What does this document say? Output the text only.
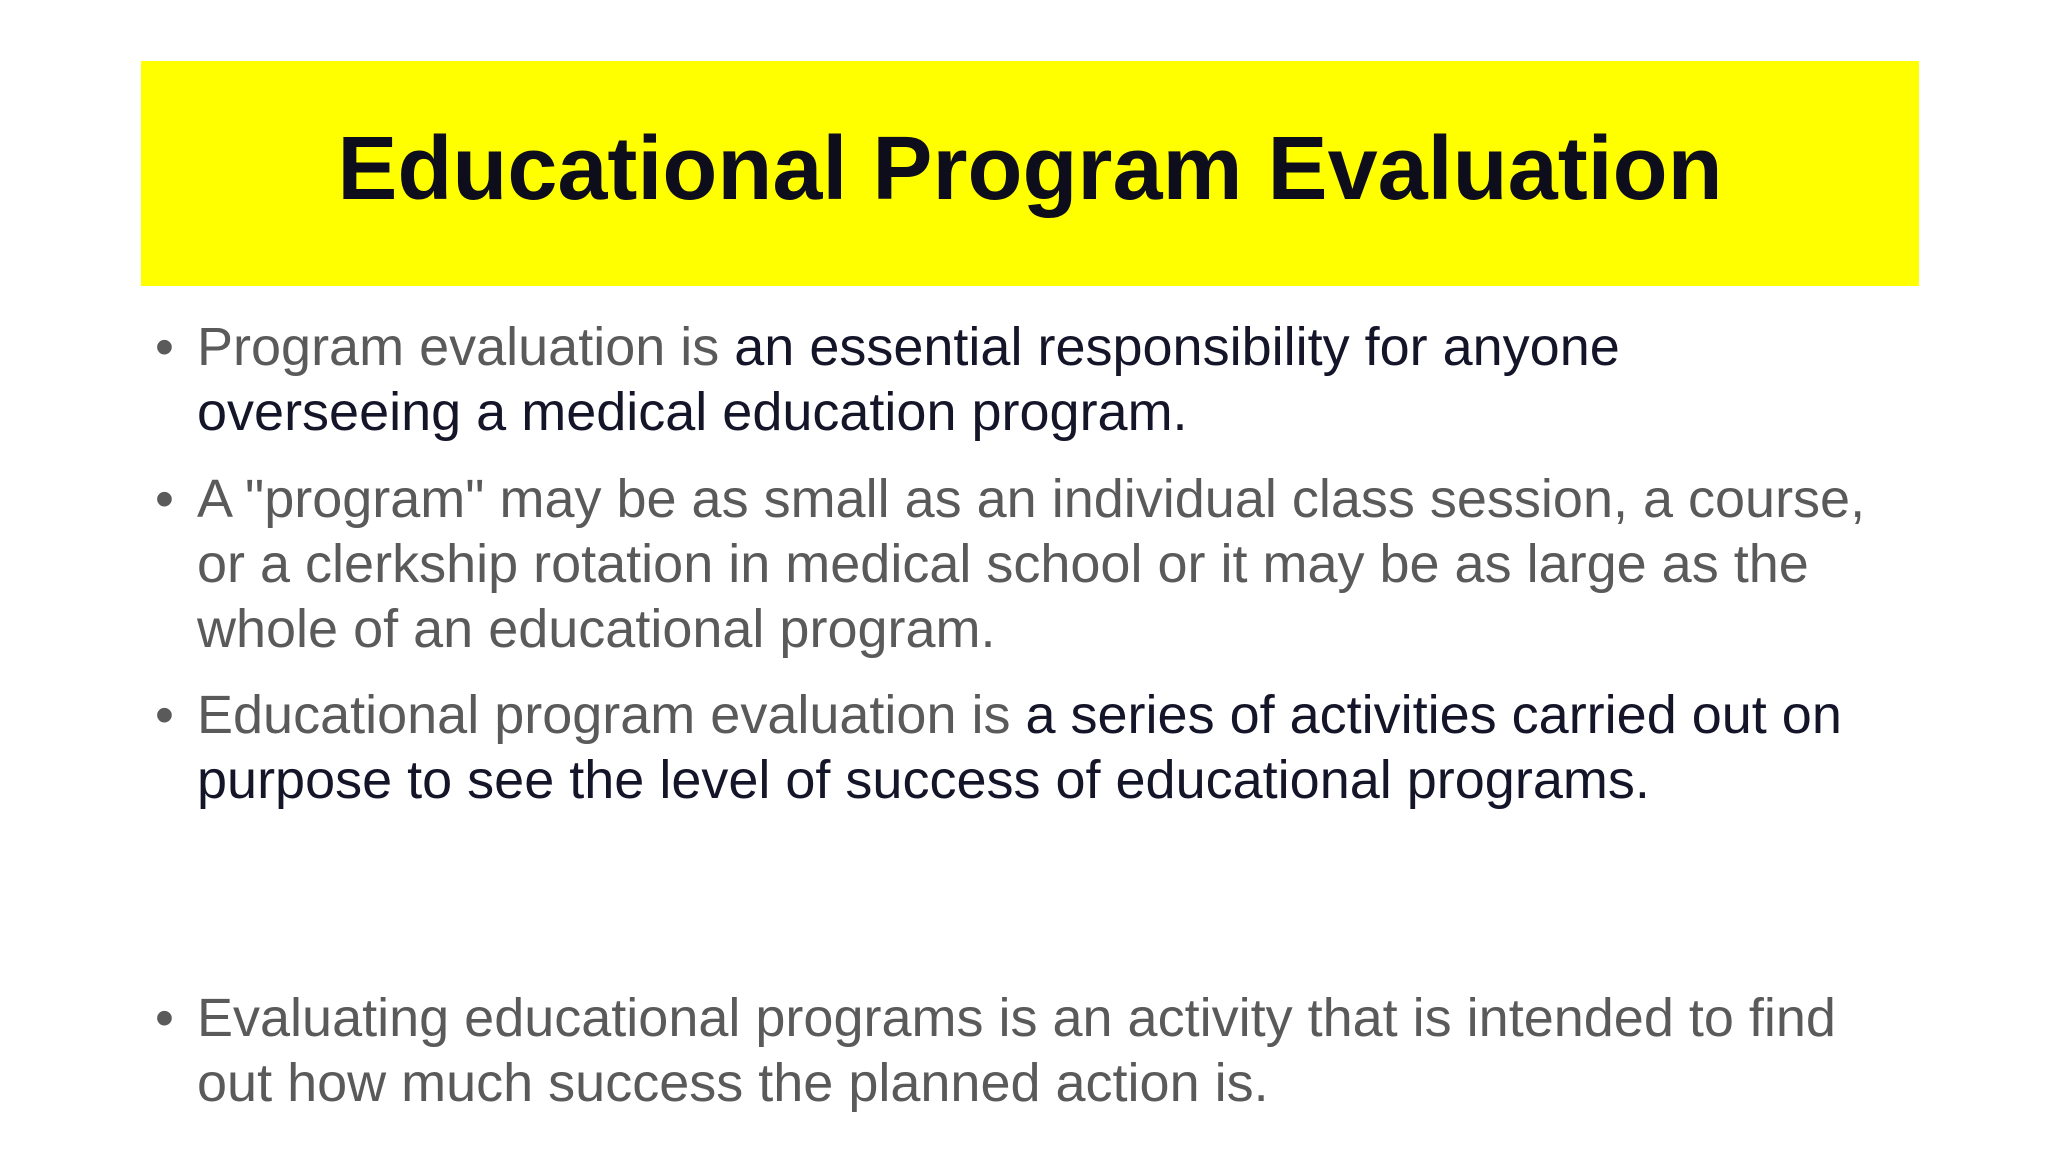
Educational Program Evaluation
• Program evaluation is an essential responsibility for anyone overseeing a medical education program.
• A "program" may be as small as an individual class session, a course, or a clerkship rotation in medical school or it may be as large as the whole of an educational program.
• Educational program evaluation is a series of activities carried out on purpose to see the level of success of educational programs.
• Evaluating educational programs is an activity that is intended to find out how much success the planned action is.
